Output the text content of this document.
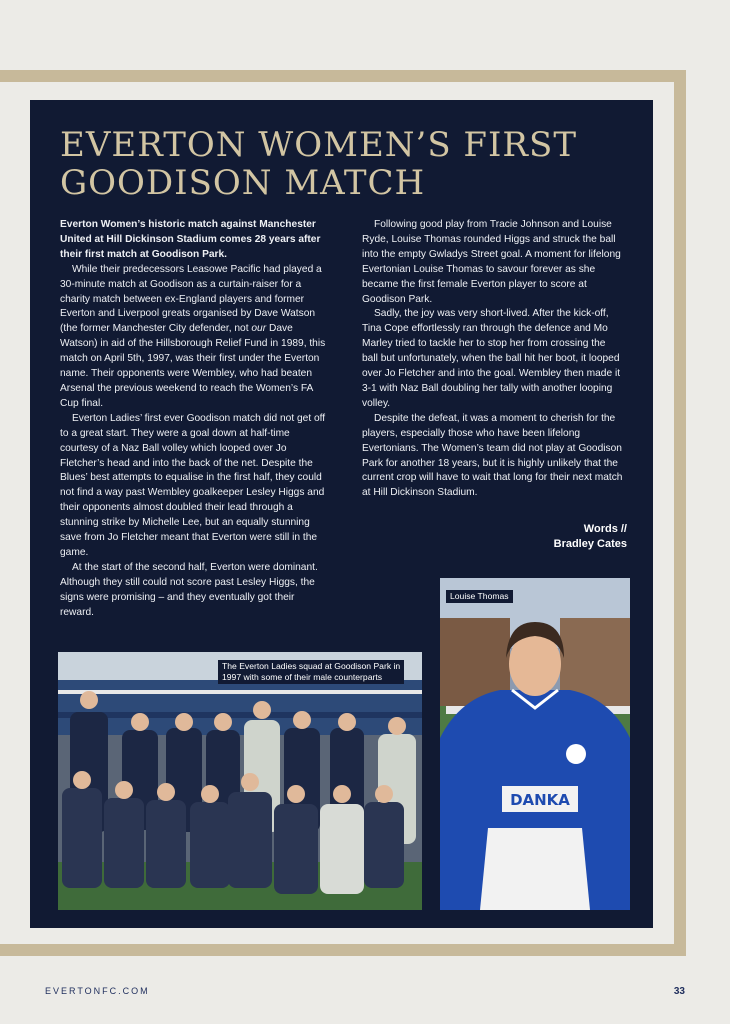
EVERTON WOMEN’S FIRST
GOODISON MATCH

Everton Women’s historic match against Manchester United at Hill Dickinson Stadium comes 28 years after their first match at Goodison Park.

While their predecessors Leasowe Pacific had played a 30-minute match at Goodison as a curtain-raiser for a charity match between ex-England players and former Everton and Liverpool greats organised by Dave Watson (the former Manchester City defender, not our Dave Watson) in aid of the Hillsborough Relief Fund in 1989, this match on April 5th, 1997, was their first under the Everton name. Their opponents were Wembley, who had beaten Arsenal the previous weekend to reach the Women’s FA Cup final.

Everton Ladies’ first ever Goodison match did not get off to a great start. They were a goal down at half-time courtesy of a Naz Ball volley which looped over Jo Fletcher’s head and into the back of the net. Despite the Blues’ best attempts to equalise in the first half, they could not find a way past Wembley goalkeeper Lesley Higgs and their opponents almost doubled their lead through a stunning strike by Michelle Lee, but an equally stunning save from Jo Fletcher meant that Everton were still in the game.

At the start of the second half, Everton were dominant. Although they still could not score past Lesley Higgs, the signs were promising – and they eventually got their reward.

Following good play from Tracie Johnson and Louise Ryde, Louise Thomas rounded Higgs and struck the ball into the empty Gwladys Street goal. A moment for lifelong Evertonian Louise Thomas to savour forever as she became the first female Everton player to score at Goodison Park.

Sadly, the joy was very short-lived. After the kick-off, Tina Cope effortlessly ran through the defence and Mo Marley tried to tackle her to stop her from crossing the ball but unfortunately, when the ball hit her boot, it looped over Jo Fletcher and into the goal. Wembley then made it 3-1 with Naz Ball doubling her tally with another looping volley.

Despite the defeat, it was a moment to cherish for the players, especially those who have been lifelong Evertonians. The Women’s team did not play at Goodison Park for another 18 years, but it is highly unlikely that the current crop will have to wait that long for their next match at Hill Dickinson Stadium.

Words //
Bradley Cates
The Everton Ladies squad at Goodison Park in
1997 with some of their male counterparts
DANKA
Louise Thomas
EVERTONFC.COM	33
